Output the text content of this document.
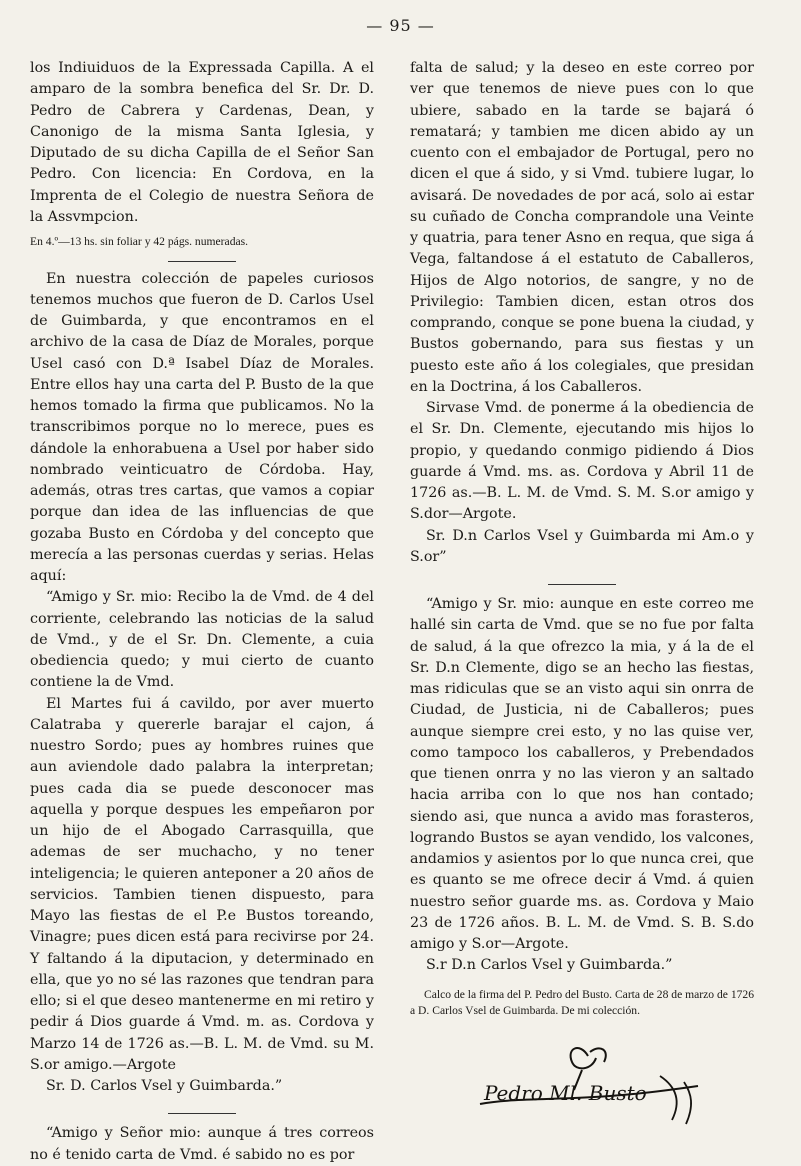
— 95 —

los Indiuiduos de la Expressada Capilla. A el amparo de la sombra benefica del Sr. Dr. D. Pedro de Cabrera y Cardenas, Dean, y Canonigo de la misma Santa Iglesia, y Diputado de su dicha Capilla de el Señor San Pedro. Con licencia: En Cordova, en la Imprenta de el Colegio de nuestra Señora de la Assvmpcion.

En 4.º—13 hs. sin foliar y 42 págs. numeradas.

En nuestra colección de papeles curiosos tenemos muchos que fueron de D. Carlos Usel de Guimbarda, y que encontramos en el archivo de la casa de Díaz de Morales, porque Usel casó con D.ª Isabel Díaz de Morales. Entre ellos hay una carta del P. Busto de la que hemos tomado la firma que publicamos. No la transcribimos porque no lo merece, pues es dándole la enhorabuena a Usel por haber sido nombrado veinticuatro de Córdoba. Hay, además, otras tres cartas, que vamos a copiar porque dan idea de las influencias de que gozaba Busto en Córdoba y del concepto que merecía a las personas cuerdas y serias. Helas aquí:

“Amigo y Sr. mio: Recibo la de Vmd. de 4 del corriente, celebrando las noticias de la salud de Vmd., y de el Sr. Dn. Clemente, a cuia obediencia quedo; y mui cierto de cuanto contiene la de Vmd.

El Martes fui á cavildo, por aver muerto Calatraba y quererle barajar el cajon, á nuestro Sordo; pues ay hombres ruines que aun aviendole dado palabra la interpretan; pues cada dia se puede desconocer mas aquella y porque despues les empeñaron por un hijo de el Abogado Carrasquilla, que ademas de ser muchacho, y no tener inteligencia; le quieren anteponer a 20 años de servicios. Tambien tienen dispuesto, para Mayo las fiestas de el P.e Bustos toreando, Vinagre; pues dicen está para recivirse por 24. Y faltando á la diputacion, y determinado en ella, que yo no sé las razones que tendran para ello; si el que deseo mantenerme en mi retiro y pedir á Dios guarde á Vmd. m. as. Cordova y Marzo 14 de 1726 as.—B. L. M. de Vmd. su M. S.or amigo.—Argote

Sr. D. Carlos Vsel y Guimbarda.”

“Amigo y Señor mio: aunque á tres correos no é tenido carta de Vmd. é sabido no es por

falta de salud; y la deseo en este correo por ver que tenemos de nieve pues con lo que ubiere, sabado en la tarde se bajará ó rematará; y tambien me dicen abido ay un cuento con el embajador de Portugal, pero no dicen el que á sido, y si Vmd. tubiere lugar, lo avisará. De novedades de por acá, solo ai estar su cuñado de Concha comprandole una Veinte y quatria, para tener Asno en requa, que siga á Vega, faltandose á el estatuto de Caballeros, Hijos de Algo notorios, de sangre, y no de Privilegio: Tambien dicen, estan otros dos comprando, conque se pone buena la ciudad, y Bustos gobernando, para sus fiestas y un puesto este año á los colegiales, que presidan en la Doctrina, á los Caballeros.

Sirvase Vmd. de ponerme á la obediencia de el Sr. Dn. Clemente, ejecutando mis hijos lo propio, y quedando conmigo pidiendo á Dios guarde á Vmd. ms. as. Cordova y Abril 11 de 1726 as.—B. L. M. de Vmd. S. M. S.or amigo y S.dor—Argote.

Sr. D.n Carlos Vsel y Guimbarda mi Am.o y S.or”

“Amigo y Sr. mio: aunque en este correo me hallé sin carta de Vmd. que se no fue por falta de salud, á la que ofrezco la mia, y á la de el Sr. D.n Clemente, digo se an hecho las fiestas, mas ridiculas que se an visto aqui sin onrra de Ciudad, de Justicia, ni de Caballeros; pues aunque siempre crei esto, y no las quise ver, como tampoco los caballeros, y Prebendados que tienen onrra y no las vieron y an saltado hacia arriba con lo que nos han contado; siendo asi, que nunca a avido mas forasteros, logrando Bustos se ayan vendido, los valcones, andamios y asientos por lo que nunca crei, que es quanto se me ofrece decir á Vmd. á quien nuestro señor guarde ms. as. Cordova y Maio 23 de 1726 años. B. L. M. de Vmd. S. B. S.do amigo y S.or—Argote.

S.r D.n Carlos Vsel y Guimbarda.”

Calco de la firma del P. Pedro del Busto. Carta de 28 de marzo de 1726 a D. Carlos Vsel de Guimbarda. De mi colección.

Pedro Ml. Busto
